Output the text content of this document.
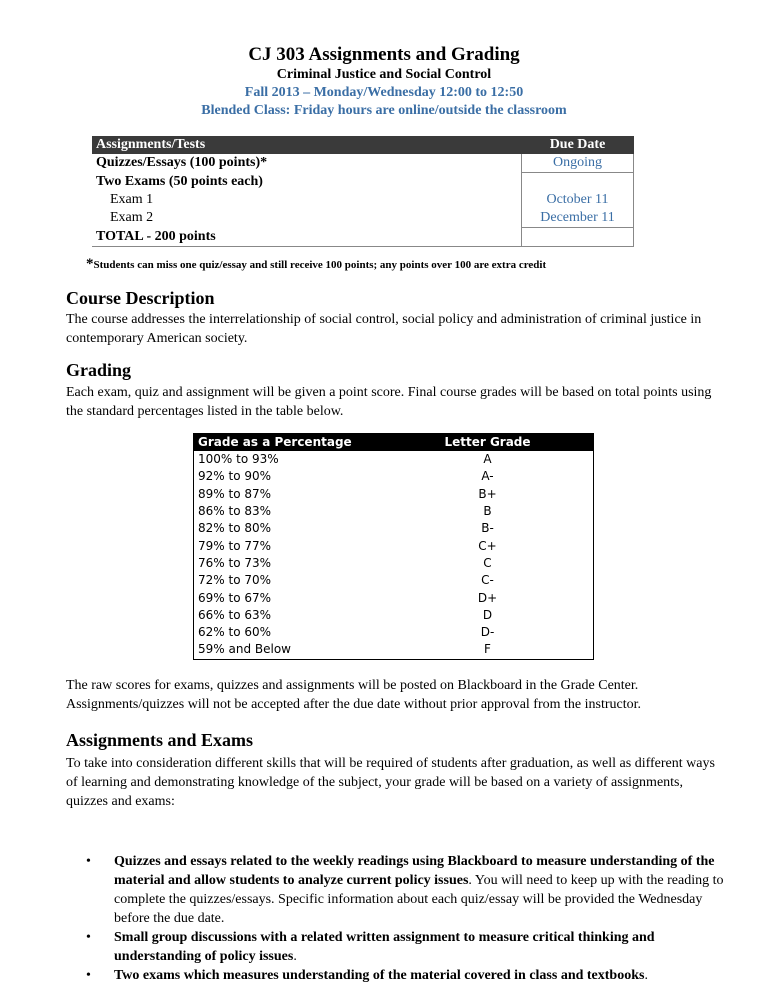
CJ 303 Assignments and Grading
Criminal Justice and Social Control
Fall 2013 – Monday/Wednesday 12:00 to 12:50
Blended Class: Friday hours are online/outside the classroom
Assignments/Tests	Due Date
Quizzes/Essays (100 points)*	Ongoing
Two Exams (50 points each)	
Exam 1	October 11
Exam 2	December 11
TOTAL - 200 points	
*Students can miss one quiz/essay and still receive 100 points; any points over 100 are extra credit
Course Description
The course addresses the interrelationship of social control, social policy and administration of criminal justice in contemporary American society.
Grading
Each exam, quiz and assignment will be given a point score. Final course grades will be based on total points using the standard percentages listed in the table below.
Grade as a Percentage	Letter Grade
100% to 93%	A
92% to 90%	A-
89% to 87%	B+
86% to 83%	B
82% to 80%	B-
79% to 77%	C+
76% to 73%	C
72% to 70%	C-
69% to 67%	D+
66% to 63%	D
62% to 60%	D-
59% and Below	F
The raw scores for exams, quizzes and assignments will be posted on Blackboard in the Grade Center. Assignments/quizzes will not be accepted after the due date without prior approval from the instructor.
Assignments and Exams
To take into consideration different skills that will be required of students after graduation, as well as different ways of learning and demonstrating knowledge of the subject, your grade will be based on a variety of assignments, quizzes and exams:
• Quizzes and essays related to the weekly readings using Blackboard to measure understanding of the material and allow students to analyze current policy issues. You will need to keep up with the reading to complete the quizzes/essays. Specific information about each quiz/essay will be provided the Wednesday before the due date.
• Small group discussions with a related written assignment to measure critical thinking and understanding of policy issues.
• Two exams which measures understanding of the material covered in class and textbooks.
